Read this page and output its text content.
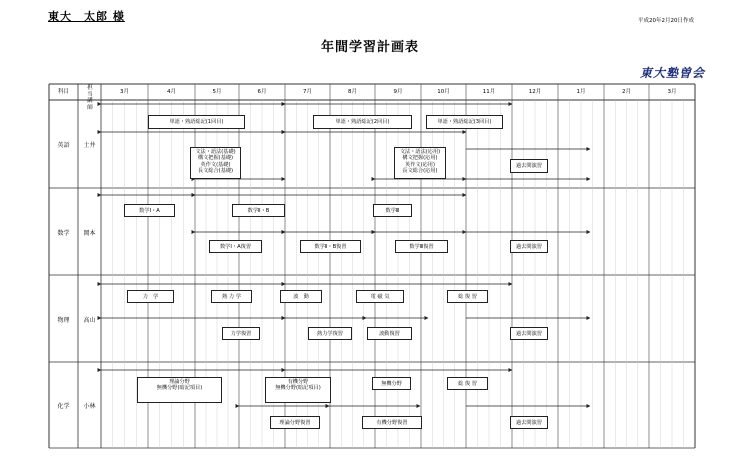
東大　太郎 様	平成20年2月20日作成
年間学習計画表
東大塾曽会
科目
担当講師
3月	4月	5月	6月	7月	8月	9月	10月	11月	12月	1月	2月	3月
英語	土井
数学	岡本
物理	高山
化学	小林
単語・熟語総記(1回目)	単語・熟語総記(2回目)	単語・熟語総記(3回目)
文法・語法(基礎)
構文把握(基礎)
英作文(基礎)
長文総合(基礎)
文法・語法(応用)
構文把握(応用)
英作文(応用)
長文総合(応用)
過去問演習
数学Ⅰ・A	数学Ⅱ・B	数学Ⅲ
数学Ⅰ・A復習	数学Ⅱ・B復習	数学Ⅲ復習	過去問演習
力　学	熱 力 学	波　動	電 磁 気	総 復 習
力学復習	熱力学復習	波動復習	過去問演習
理論分野
無機分野(暗記項目)
有機分野
無機分野(暗記項目)
無機分野	総 復 習
理論分野復習	有機分野復習	過去問演習
